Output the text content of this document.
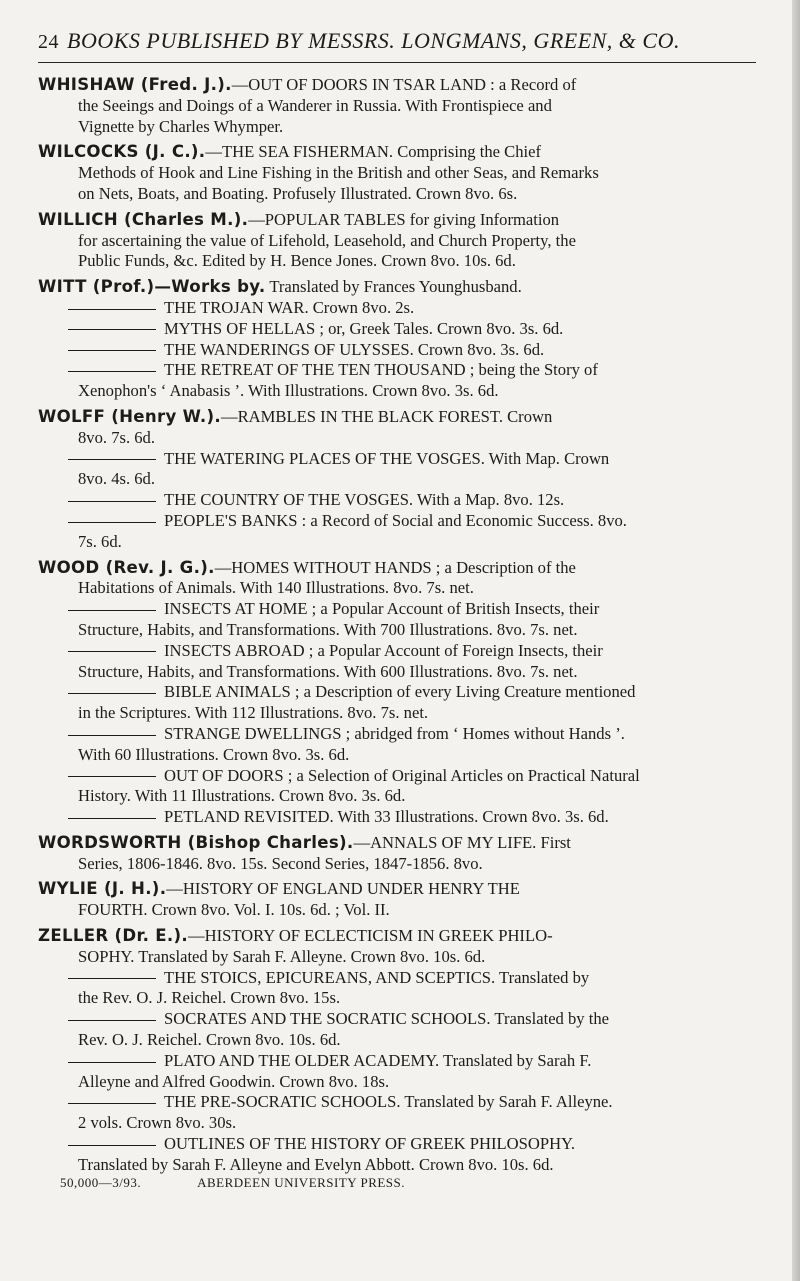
24 BOOKS PUBLISHED BY MESSRS. LONGMANS, GREEN, & CO.
WHISHAW (Fred. J.).—OUT OF DOORS IN TSAR LAND : a Record of
the Seeings and Doings of a Wanderer in Russia. With Frontispiece and
Vignette by Charles Whymper.
WILCOCKS (J. C.).—THE SEA FISHERMAN. Comprising the Chief
Methods of Hook and Line Fishing in the British and other Seas, and Remarks
on Nets, Boats, and Boating. Profusely Illustrated. Crown 8vo. 6s.
WILLICH (Charles M.).—POPULAR TABLES for giving Information
for ascertaining the value of Lifehold, Leasehold, and Church Property, the
Public Funds, &c. Edited by H. Bence Jones. Crown 8vo. 10s. 6d.
WITT (Prof.)—Works by. Translated by Frances Younghusband.
THE TROJAN WAR. Crown 8vo. 2s.
MYTHS OF HELLAS ; or, Greek Tales. Crown 8vo. 3s. 6d.
THE WANDERINGS OF ULYSSES. Crown 8vo. 3s. 6d.
THE RETREAT OF THE TEN THOUSAND ; being the Story of
Xenophon's ‘ Anabasis ’. With Illustrations. Crown 8vo. 3s. 6d.
WOLFF (Henry W.).—RAMBLES IN THE BLACK FOREST. Crown
8vo. 7s. 6d.
THE WATERING PLACES OF THE VOSGES. With Map. Crown
8vo. 4s. 6d.
THE COUNTRY OF THE VOSGES. With a Map. 8vo. 12s.
PEOPLE'S BANKS : a Record of Social and Economic Success. 8vo.
7s. 6d.
WOOD (Rev. J. G.).—HOMES WITHOUT HANDS ; a Description of the
Habitations of Animals. With 140 Illustrations. 8vo. 7s. net.
INSECTS AT HOME ; a Popular Account of British Insects, their
Structure, Habits, and Transformations. With 700 Illustrations. 8vo. 7s. net.
INSECTS ABROAD ; a Popular Account of Foreign Insects, their
Structure, Habits, and Transformations. With 600 Illustrations. 8vo. 7s. net.
BIBLE ANIMALS ; a Description of every Living Creature mentioned
in the Scriptures. With 112 Illustrations. 8vo. 7s. net.
STRANGE DWELLINGS ; abridged from ‘ Homes without Hands ’.
With 60 Illustrations. Crown 8vo. 3s. 6d.
OUT OF DOORS ; a Selection of Original Articles on Practical Natural
History. With 11 Illustrations. Crown 8vo. 3s. 6d.
PETLAND REVISITED. With 33 Illustrations. Crown 8vo. 3s. 6d.
WORDSWORTH (Bishop Charles).—ANNALS OF MY LIFE. First
Series, 1806-1846. 8vo. 15s. Second Series, 1847-1856. 8vo.
WYLIE (J. H.).—HISTORY OF ENGLAND UNDER HENRY THE
FOURTH. Crown 8vo. Vol. I. 10s. 6d. ; Vol. II.
ZELLER (Dr. E.).—HISTORY OF ECLECTICISM IN GREEK PHILO-
SOPHY. Translated by Sarah F. Alleyne. Crown 8vo. 10s. 6d.
THE STOICS, EPICUREANS, AND SCEPTICS. Translated by
the Rev. O. J. Reichel. Crown 8vo. 15s.
SOCRATES AND THE SOCRATIC SCHOOLS. Translated by the
Rev. O. J. Reichel. Crown 8vo. 10s. 6d.
PLATO AND THE OLDER ACADEMY. Translated by Sarah F.
Alleyne and Alfred Goodwin. Crown 8vo. 18s.
THE PRE-SOCRATIC SCHOOLS. Translated by Sarah F. Alleyne.
2 vols. Crown 8vo. 30s.
OUTLINES OF THE HISTORY OF GREEK PHILOSOPHY.
Translated by Sarah F. Alleyne and Evelyn Abbott. Crown 8vo. 10s. 6d.
50,000—3/93.	ABERDEEN UNIVERSITY PRESS.
